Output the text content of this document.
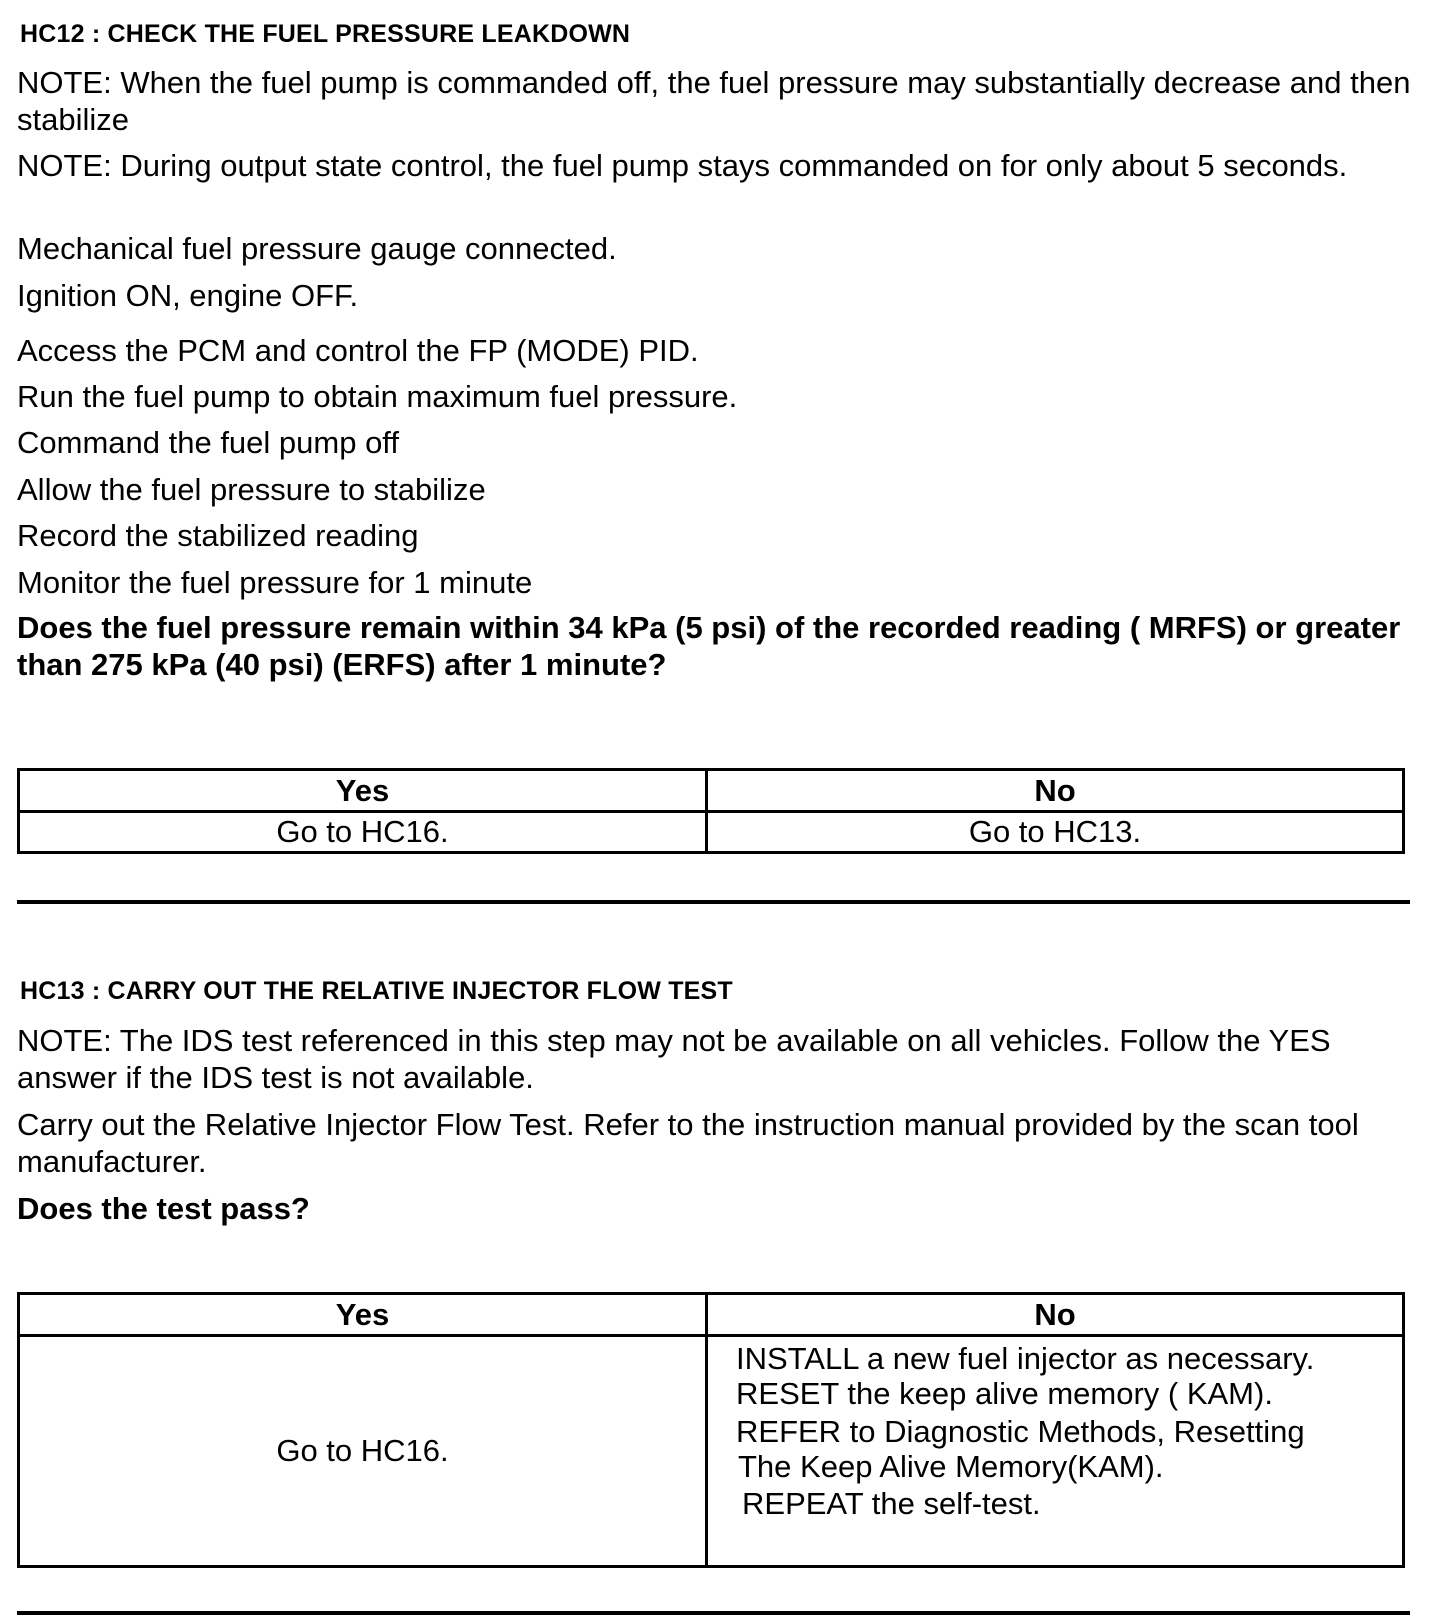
HC12 : CHECK THE FUEL PRESSURE LEAKDOWN
NOTE: When the fuel pump is commanded off, the fuel pressure may substantially decrease and then stabilize
NOTE: During output state control, the fuel pump stays commanded on for only about 5 seconds.
Mechanical fuel pressure gauge connected.
Ignition ON, engine OFF.
Access the PCM and control the FP (MODE) PID.
Run the fuel pump to obtain maximum fuel pressure.
Command the fuel pump off
Allow the fuel pressure to stabilize
Record the stabilized reading
Monitor the fuel pressure for 1 minute
Does the fuel pressure remain within 34 kPa (5 psi) of the recorded reading ( MRFS) or greater than 275 kPa (40 psi) (ERFS) after 1 minute?
Yes	No
Go to HC16.	Go to HC13.
HC13 : CARRY OUT THE RELATIVE INJECTOR FLOW TEST
NOTE: The IDS test referenced in this step may not be available on all vehicles. Follow the YES answer if the IDS test is not available.
Carry out the Relative Injector Flow Test. Refer to the instruction manual provided by the scan tool manufacturer.
Does the test pass?
Yes	No
Go to HC16.	INSTALL a new fuel injector as necessary.
RESET the keep alive memory ( KAM).
REFER to Diagnostic Methods, Resetting
The Keep Alive Memory(KAM).
REPEAT the self-test.
